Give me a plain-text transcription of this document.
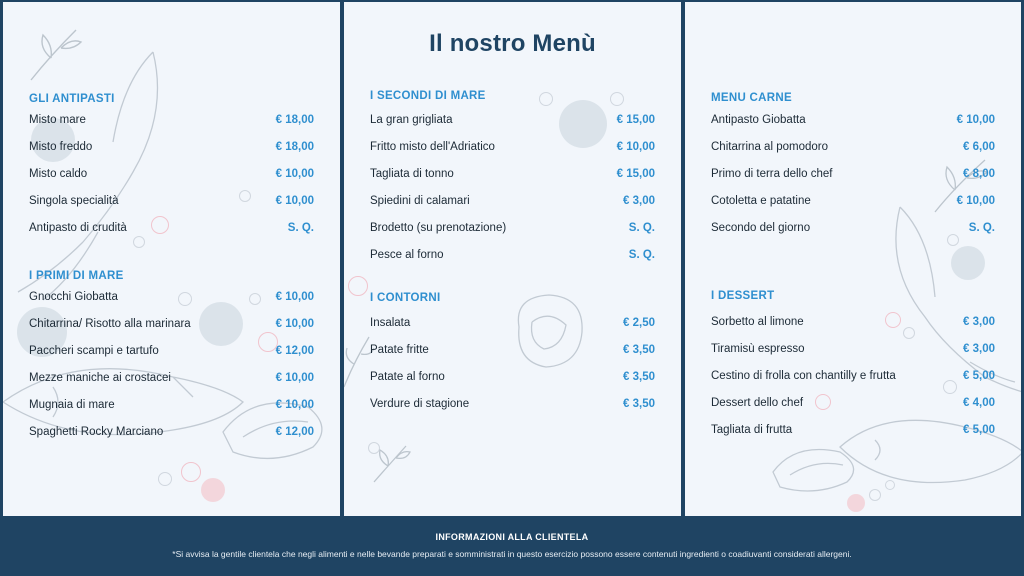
GLI ANTIPASTI
Misto mare	€ 18,00
Misto freddo	€ 18,00
Misto caldo	€ 10,00
Singola specialità	€ 10,00
Antipasto di crudità	S. Q.
I PRIMI DI MARE
Gnocchi Giobatta	€ 10,00
Chitarrina/ Risotto alla marinara	€ 10,00
Paccheri scampi e tartufo	€ 12,00
Mezze maniche ai crostacei	€ 10,00
Mugnaia di mare	€ 10,00
Spaghetti Rocky Marciano	€ 12,00
Il nostro Menù
I SECONDI DI MARE
La gran grigliata	€ 15,00
Fritto misto dell'Adriatico	€ 10,00
Tagliata di tonno	€ 15,00
Spiedini di calamari	€ 3,00
Brodetto (su prenotazione)	S. Q.
Pesce al forno	S. Q.
I CONTORNI
Insalata	€ 2,50
Patate fritte	€ 3,50
Patate al forno	€ 3,50
Verdure di stagione	€ 3,50
MENU CARNE
Antipasto Giobatta	€ 10,00
Chitarrina al pomodoro	€ 6,00
Primo di terra dello chef	€ 8,00
Cotoletta e patatine	€ 10,00
Secondo del giorno	S. Q.
I DESSERT
Sorbetto al limone	€ 3,00
Tiramisù espresso	€ 3,00
Cestino di frolla con chantilly e frutta	€ 5,00
Dessert dello chef	€ 4,00
Tagliata di frutta	€ 5,00
INFORMAZIONI ALLA CLIENTELA
*Si avvisa la gentile clientela che negli alimenti e nelle bevande preparati e somministrati in questo esercizio possono essere contenuti ingredienti o coadiuvanti considerati allergeni.
